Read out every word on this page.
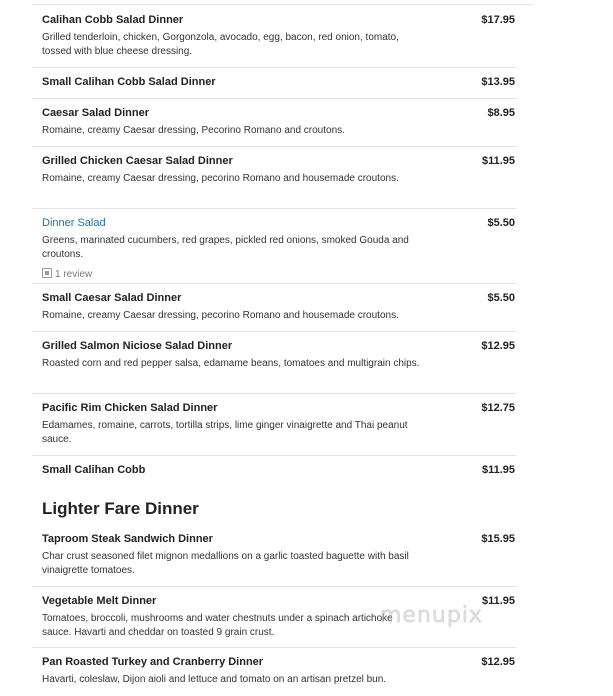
Calihan Cobb Salad Dinner	$17.95
Grilled tenderloin, chicken, Gorgonzola, avocado, egg, bacon, red onion, tomato, tossed with blue cheese dressing.
Small Calihan Cobb Salad Dinner	$13.95
Caesar Salad Dinner	$8.95
Romaine, creamy Caesar dressing, Pecorino Romano and croutons.
Grilled Chicken Caesar Salad Dinner	$11.95
Romaine, creamy Caesar dressing, pecorino Romano and housemade croutons.
Dinner Salad	$5.50
Greens, marinated cucumbers, red grapes, pickled red onions, smoked Gouda and croutons.
1 review
Small Caesar Salad Dinner	$5.50
Romaine, creamy Caesar dressing, pecorino Romano and housemade croutons.
Grilled Salmon Niciose Salad Dinner	$12.95
Roasted corn and red pepper salsa, edamame beans, tomatoes and multigrain chips.
Pacific Rim Chicken Salad Dinner	$12.75
Edamames, romaine, carrots, tortilla strips, lime ginger vinaigrette and Thai peanut sauce.
Small Calihan Cobb	$11.95
Lighter Fare Dinner
Taproom Steak Sandwich Dinner	$15.95
Char crust seasoned filet mignon medallions on a garlic toasted baguette with basil vinaigrette tomatoes.
Vegetable Melt Dinner	$11.95
Tomatoes, broccoli, mushrooms and water chestnuts under a spinach artichoke sauce. Havarti and cheddar on toasted 9 grain crust.
Pan Roasted Turkey and Cranberry Dinner	$12.95
Havarti, coleslaw, Dijon aioli and lettuce and tomato on an artisan pretzel bun.
menupix
